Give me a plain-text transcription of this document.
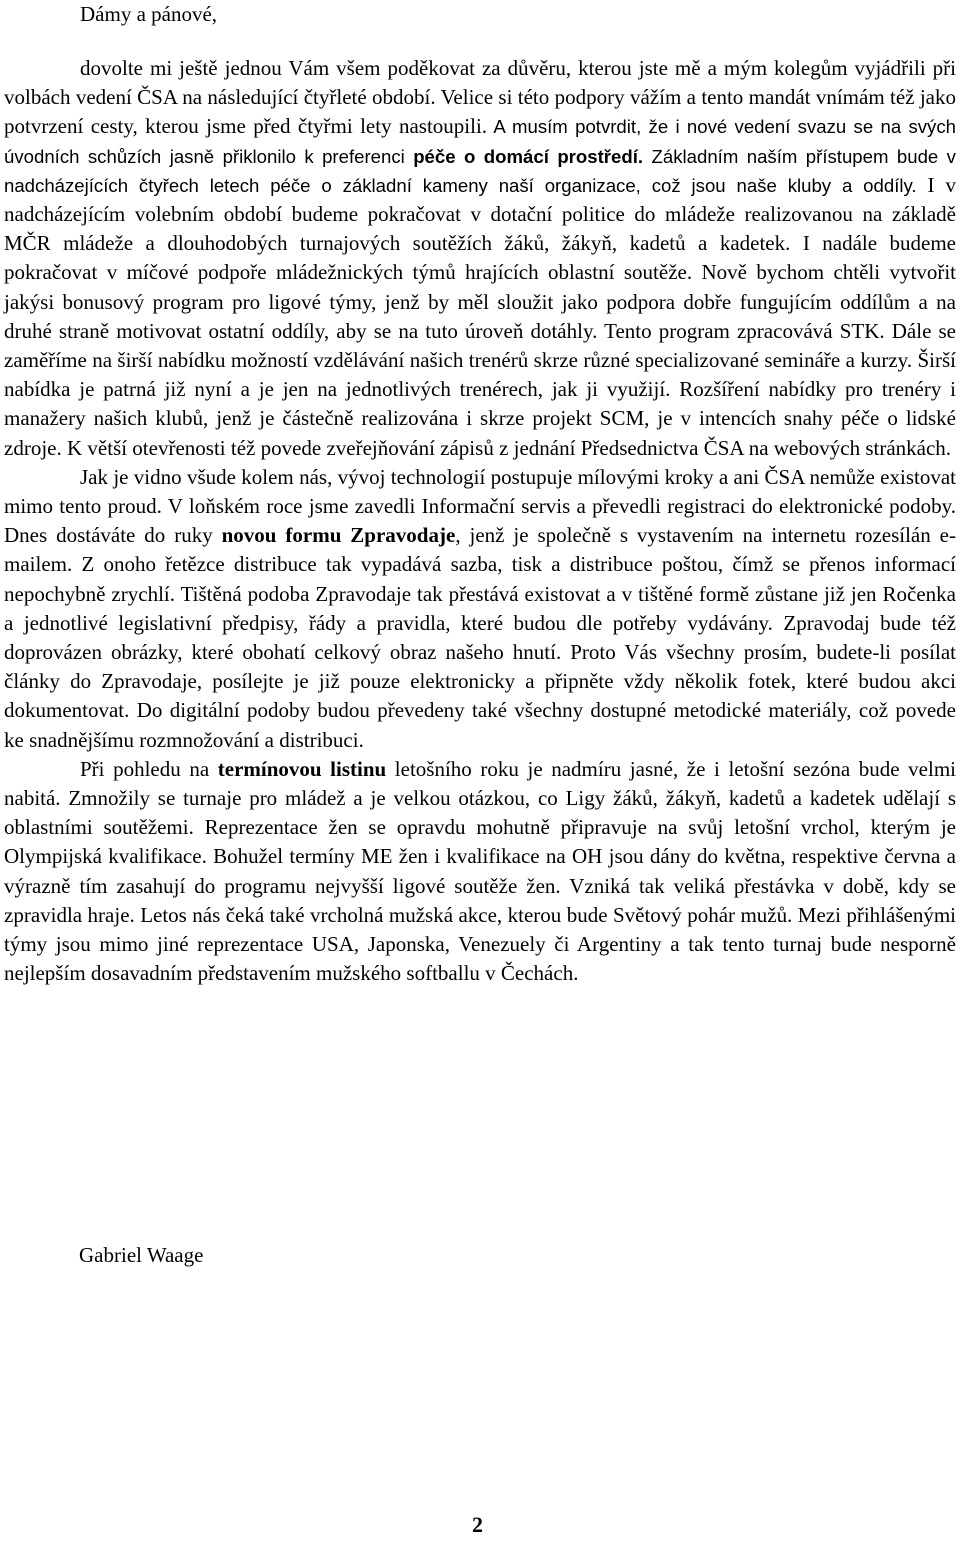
Dámy a pánové,

dovolte mi ještě jednou Vám všem poděkovat za důvěru, kterou jste mě a mým kolegům vyjádřili při volbách vedení ČSA na následující čtyřleté období. Velice si této podpory vážím a tento mandát vnímám též jako potvrzení cesty, kterou jsme před čtyřmi lety nastoupili. A musím potvrdit, že i nové vedení svazu se na svých úvodních schůzích jasně přiklonilo k preferenci péče o domácí prostředí. Základním naším přístupem bude v nadcházejících čtyřech letech péče o základní kameny naší organizace, což jsou naše kluby a oddíly. I v nadcházejícím volebním období budeme pokračovat v dotační politice do mládeže realizovanou na základě MČR mládeže a dlouhodobých turnajových soutěžích žáků, žákyň, kadetů a kadetek. I nadále budeme pokračovat v míčové podpoře mládežnických týmů hrajících oblastní soutěže. Nově bychom chtěli vytvořit jakýsi bonusový program pro ligové týmy, jenž by měl sloužit jako podpora dobře fungujícím oddílům a na druhé straně motivovat ostatní oddíly, aby se na tuto úroveň dotáhly. Tento program zpracovává STK. Dále se zaměříme na širší nabídku možností vzdělávání našich trenérů skrze různé specializované semináře a kurzy. Širší nabídka je patrná již nyní a je jen na jednotlivých trenérech, jak ji využijí. Rozšíření nabídky pro trenéry i manažery našich klubů, jenž je částečně realizována i skrze projekt SCM, je v intencích snahy péče o lidské zdroje. K větší otevřenosti též povede zveřejňování zápisů z jednání Předsednictva ČSA na webových stránkách.

Jak je vidno všude kolem nás, vývoj technologií postupuje mílovými kroky a ani ČSA nemůže existovat mimo tento proud. V loňském roce jsme zavedli Informační servis a převedli registraci do elektronické podoby. Dnes dostáváte do ruky novou formu Zpravodaje, jenž je společně s vystavením na internetu rozesílán e-mailem. Z onoho řetězce distribuce tak vypadává sazba, tisk a distribuce poštou, čímž se přenos informací nepochybně zrychlí. Tištěná podoba Zpravodaje tak přestává existovat a v tištěné formě zůstane již jen Ročenka a jednotlivé legislativní předpisy, řády a pravidla, které budou dle potřeby vydávány. Zpravodaj bude též doprovázen obrázky, které obohatí celkový obraz našeho hnutí. Proto Vás všechny prosím, budete-li posílat články do Zpravodaje, posílejte je již pouze elektronicky a připněte vždy několik fotek, které budou akci dokumentovat. Do digitální podoby budou převedeny také všechny dostupné metodické materiály, což povede ke snadnějšímu rozmnožování a distribuci.

Při pohledu na termínovou listinu letošního roku je nadmíru jasné, že i letošní sezóna bude velmi nabitá. Zmnožily se turnaje pro mládež a je velkou otázkou, co Ligy žáků, žákyň, kadetů a kadetek udělají s oblastními soutěžemi. Reprezentace žen se opravdu mohutně připravuje na svůj letošní vrchol, kterým je Olympijská kvalifikace. Bohužel termíny ME žen i kvalifikace na OH jsou dány do května, respektive června a výrazně tím zasahují do programu nejvyšší ligové soutěže žen. Vzniká tak veliká přestávka v době, kdy se zpravidla hraje. Letos nás čeká také vrcholná mužská akce, kterou bude Světový pohár mužů. Mezi přihlášenými týmy jsou mimo jiné reprezentace USA, Japonska, Venezuely či Argentiny a tak tento turnaj bude nesporně nejlepším dosavadním představením mužského softballu v Čechách.

Gabriel Waage

2
